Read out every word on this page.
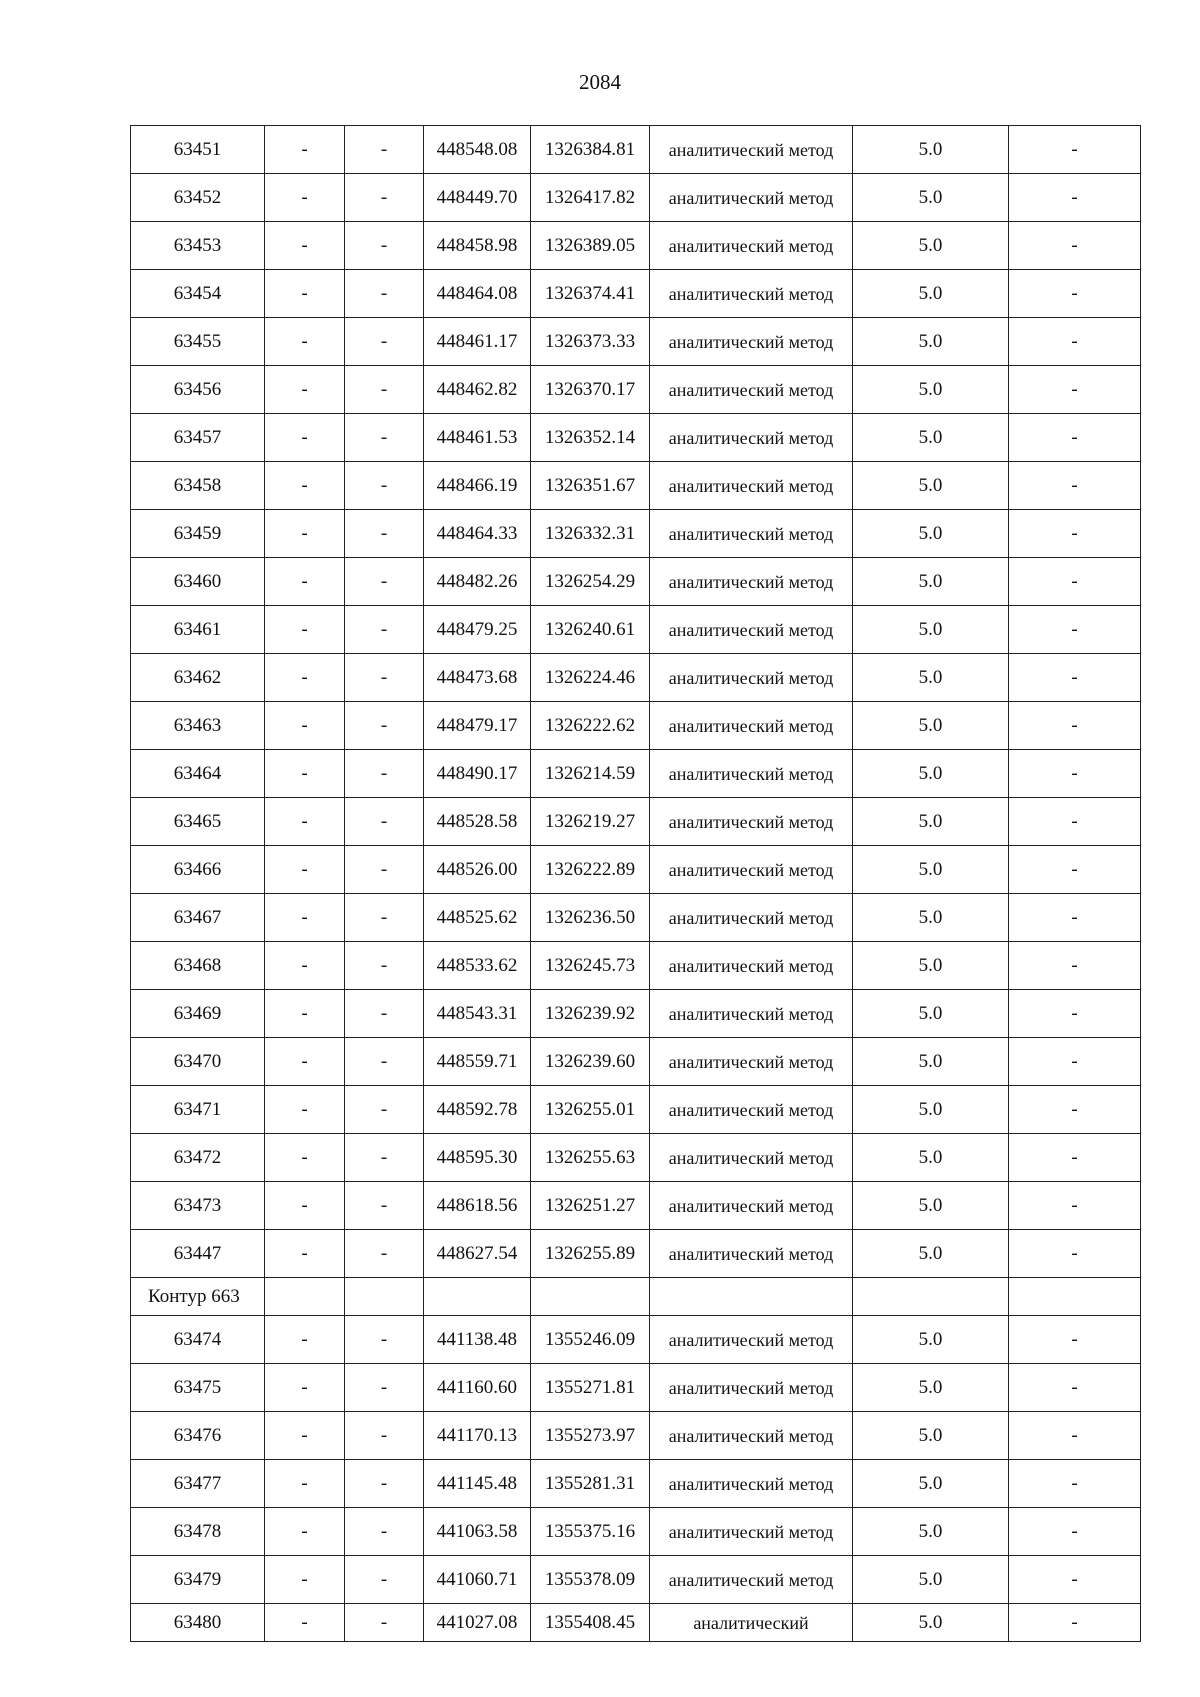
2084
63451	-	-	448548.08	1326384.81	аналитический метод	5.0	-
63452	-	-	448449.70	1326417.82	аналитический метод	5.0	-
63453	-	-	448458.98	1326389.05	аналитический метод	5.0	-
63454	-	-	448464.08	1326374.41	аналитический метод	5.0	-
63455	-	-	448461.17	1326373.33	аналитический метод	5.0	-
63456	-	-	448462.82	1326370.17	аналитический метод	5.0	-
63457	-	-	448461.53	1326352.14	аналитический метод	5.0	-
63458	-	-	448466.19	1326351.67	аналитический метод	5.0	-
63459	-	-	448464.33	1326332.31	аналитический метод	5.0	-
63460	-	-	448482.26	1326254.29	аналитический метод	5.0	-
63461	-	-	448479.25	1326240.61	аналитический метод	5.0	-
63462	-	-	448473.68	1326224.46	аналитический метод	5.0	-
63463	-	-	448479.17	1326222.62	аналитический метод	5.0	-
63464	-	-	448490.17	1326214.59	аналитический метод	5.0	-
63465	-	-	448528.58	1326219.27	аналитический метод	5.0	-
63466	-	-	448526.00	1326222.89	аналитический метод	5.0	-
63467	-	-	448525.62	1326236.50	аналитический метод	5.0	-
63468	-	-	448533.62	1326245.73	аналитический метод	5.0	-
63469	-	-	448543.31	1326239.92	аналитический метод	5.0	-
63470	-	-	448559.71	1326239.60	аналитический метод	5.0	-
63471	-	-	448592.78	1326255.01	аналитический метод	5.0	-
63472	-	-	448595.30	1326255.63	аналитический метод	5.0	-
63473	-	-	448618.56	1326251.27	аналитический метод	5.0	-
63447	-	-	448627.54	1326255.89	аналитический метод	5.0	-
Контур 663							
63474	-	-	441138.48	1355246.09	аналитический метод	5.0	-
63475	-	-	441160.60	1355271.81	аналитический метод	5.0	-
63476	-	-	441170.13	1355273.97	аналитический метод	5.0	-
63477	-	-	441145.48	1355281.31	аналитический метод	5.0	-
63478	-	-	441063.58	1355375.16	аналитический метод	5.0	-
63479	-	-	441060.71	1355378.09	аналитический метод	5.0	-
63480	-	-	441027.08	1355408.45	аналитический	5.0	-
